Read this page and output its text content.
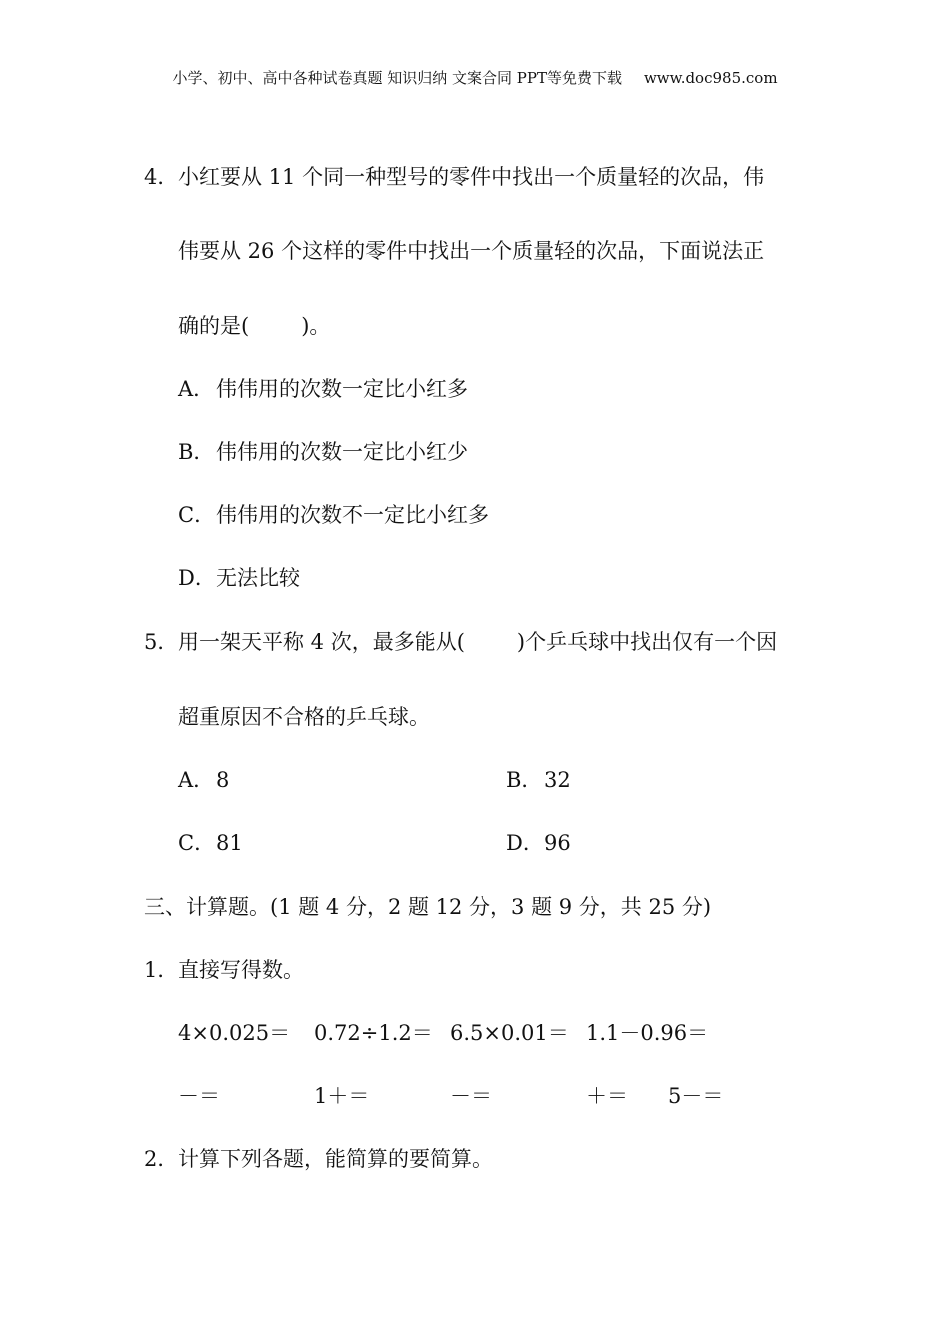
小学、初中、高中各种试卷真题 知识归纳 文案合同 PPT等免费下载 www.doc985.com
4． 小红要从 11 个同一种型号的零件中找出一个质量轻的次品，伟
伟要从 26 个这样的零件中找出一个质量轻的次品，下面说法正
确的是( )。
A．伟伟用的次数一定比小红多
B．伟伟用的次数一定比小红少
C．伟伟用的次数不一定比小红多
D．无法比较
5． 用一架天平称 4 次，最多能从( )个乒乓球中找出仅有一个因
超重原因不合格的乒乓球。
A．8	B．32
C．81	D．96
三、计算题。(1 题 4 分，2 题 12 分，3 题 9 分，共 25 分)
1． 直接写得数。
4×0.025＝ 0.72÷1.2＝ 6.5×0.01＝ 1.1－0.96＝
－＝	1＋＝	－＝	＋＝ 5－＝
2． 计算下列各题，能简算的要简算。
